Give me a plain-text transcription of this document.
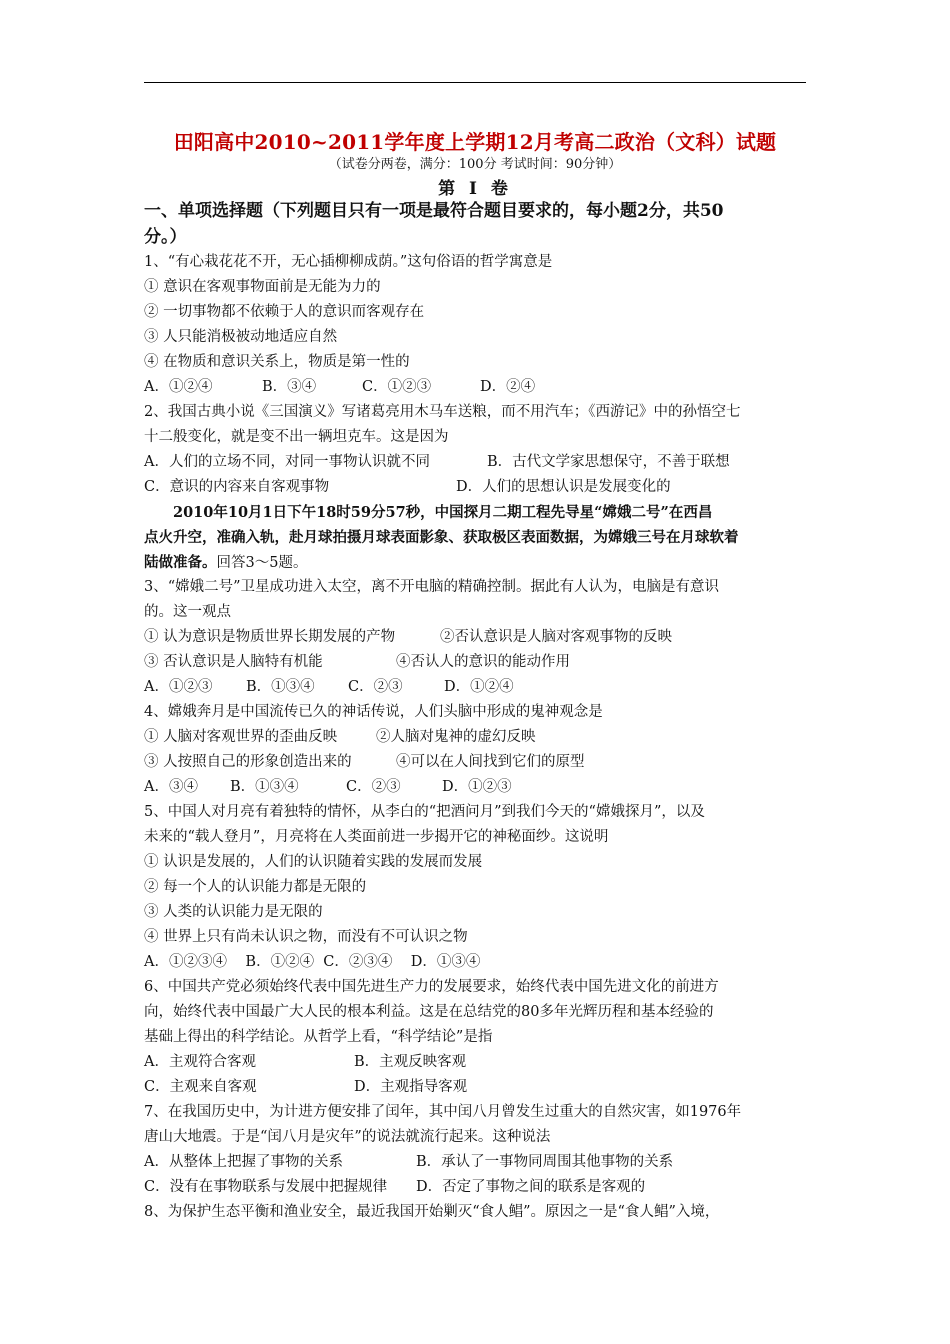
田阳高中2010~2011学年度上学期12月考高二政治（文科）试题
（试卷分两卷，满分：100分 考试时间：90分钟）
第 I 卷

一、单项选择题（下列题目只有一项是最符合题目要求的，每小题2分，共50

分。）

1、“有心栽花花不开，无心插柳柳成荫。”这句俗语的哲学寓意是

① 意识在客观事物面前是无能为力的

② 一切事物都不依赖于人的意识而客观存在

③ 人只能消极被动地适应自然

④ 在物质和意识关系上，物质是第一性的

A．①②④	B．③④	C．①②③	D．②④

2、我国古典小说《三国演义》写诸葛亮用木马车送粮，而不用汽车；《西游记》中的孙悟空七

十二般变化，就是变不出一辆坦克车。这是因为

A．人们的立场不同，对同一事物认识就不同	B．古代文学家思想保守，不善于联想

C．意识的内容来自客观事物	D．人们的思想认识是发展变化的

2010年10月1日下午18时59分57秒，中国探月二期工程先导星“嫦娥二号”在西昌

点火升空，准确入轨，赴月球拍摄月球表面影象、获取极区表面数据，为嫦娥三号在月球软着

陆做准备。回答3～5题。

3、“嫦娥二号”卫星成功进入太空，离不开电脑的精确控制。据此有人认为，电脑是有意识

的。这一观点

① 认为意识是物质世界长期发展的产物	②否认意识是人脑对客观事物的反映

③ 否认意识是人脑特有机能	④否认人的意识的能动作用

A．①②③ B．①③④ C．②③	D．①②④

4、嫦娥奔月是中国流传已久的神话传说，人们头脑中形成的鬼神观念是

① 人脑对客观世界的歪曲反映	②人脑对鬼神的虚幻反映

③ 人按照自己的形象创造出来的	④可以在人间找到它们的原型

A．③④ B．①③④	C．②③	D．①②③

5、中国人对月亮有着独特的情怀，从李白的“把酒问月”到我们今天的“嫦娥探月”，以及

未来的“载人登月”，月亮将在人类面前进一步揭开它的神秘面纱。这说明

① 认识是发展的，人们的认识随着实践的发展而发展

② 每一个人的认识能力都是无限的

③ 人类的认识能力是无限的

④ 世界上只有尚未认识之物，而没有不可认识之物

A．①②③④    B．①②④  C．②③④    D．①③④

6、中国共产党必须始终代表中国先进生产力的发展要求，始终代表中国先进文化的前进方

向，始终代表中国最广大人民的根本利益。这是在总结党的80多年光辉历程和基本经验的

基础上得出的科学结论。从哲学上看，“科学结论”是指

A．主观符合客观	B．主观反映客观

C．主观来自客观	D．主观指导客观

7、在我国历史中，为计进方便安排了闰年，其中闰八月曾发生过重大的自然灾害，如1976年

唐山大地震。于是“闰八月是灾年”的说法就流行起来。这种说法

A．从整体上把握了事物的关系	B．承认了一事物同周围其他事物的关系

C．没有在事物联系与发展中把握规律 D．否定了事物之间的联系是客观的

8、为保护生态平衡和渔业安全，最近我国开始剿灭“食人鲳”。原因之一是“食人鲳”入境，
